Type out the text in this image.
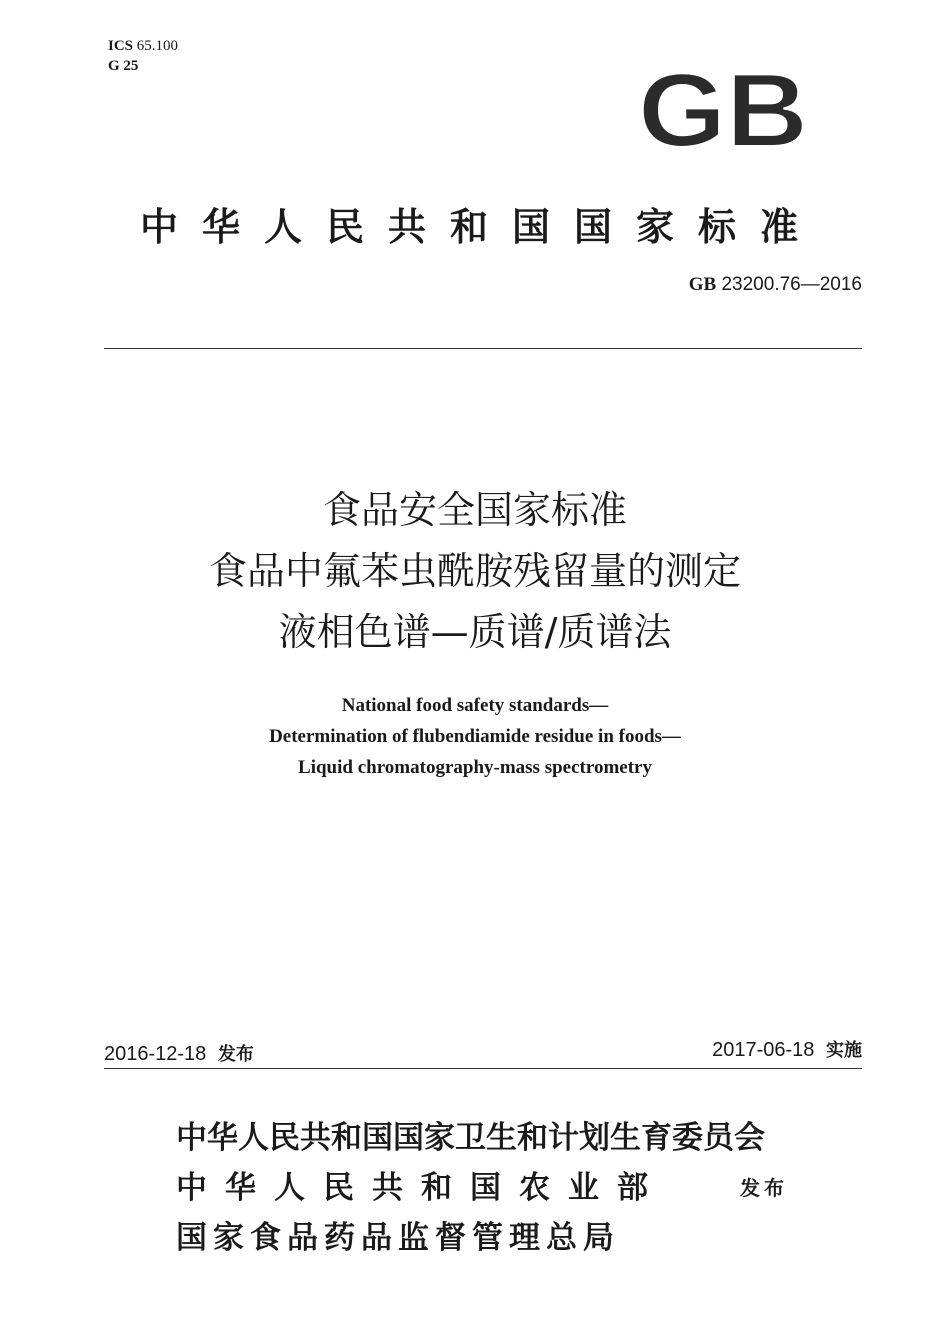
ICS 65.100
G 25	GB
中华人民共和国国家标准
GB 23200.76—2016
食品安全国家标准
食品中氟苯虫酰胺残留量的测定
液相色谱—质谱/质谱法
National food safety standards—
Determination of flubendiamide residue in foods—
Liquid chromatography-mass spectrometry
2016-12-18 发布	2017-06-18 实施
中华人民共和国国家卫生和计划生育委员会
中华人民共和国农业部
国家食品药品监督管理总局
发布
